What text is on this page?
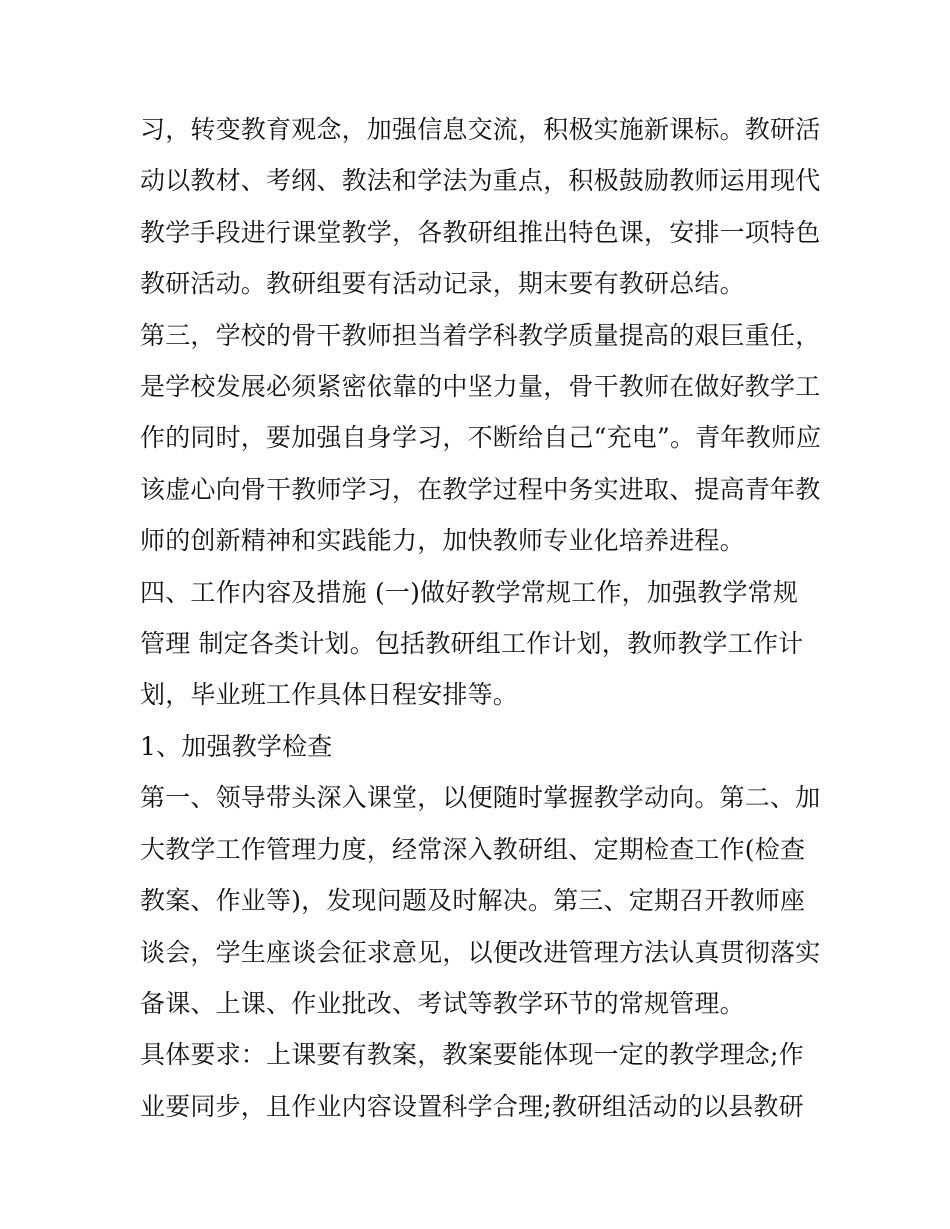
习，转变教育观念，加强信息交流，积极实施新课标。教研活
动以教材、考纲、教法和学法为重点，积极鼓励教师运用现代
教学手段进行课堂教学，各教研组推出特色课，安排一项特色
教研活动。教研组要有活动记录，期末要有教研总结。
第三，学校的骨干教师担当着学科教学质量提高的艰巨重任，
是学校发展必须紧密依靠的中坚力量，骨干教师在做好教学工
作的同时，要加强自身学习，不断给自己“充电”。青年教师应
该虚心向骨干教师学习，在教学过程中务实进取、提高青年教
师的创新精神和实践能力，加快教师专业化培养进程。
四、工作内容及措施 (一)做好教学常规工作，加强教学常规
管理 制定各类计划。包括教研组工作计划，教师教学工作计
划，毕业班工作具体日程安排等。
1、加强教学检查
第一、领导带头深入课堂，以便随时掌握教学动向。第二、加
大教学工作管理力度，经常深入教研组、定期检查工作(检查
教案、作业等)，发现问题及时解决。第三、定期召开教师座
谈会，学生座谈会征求意见，以便改进管理方法认真贯彻落实
备课、上课、作业批改、考试等教学环节的常规管理。
具体要求：上课要有教案，教案要能体现一定的教学理念;作
业要同步，且作业内容设置科学合理;教研组活动的以县教研
